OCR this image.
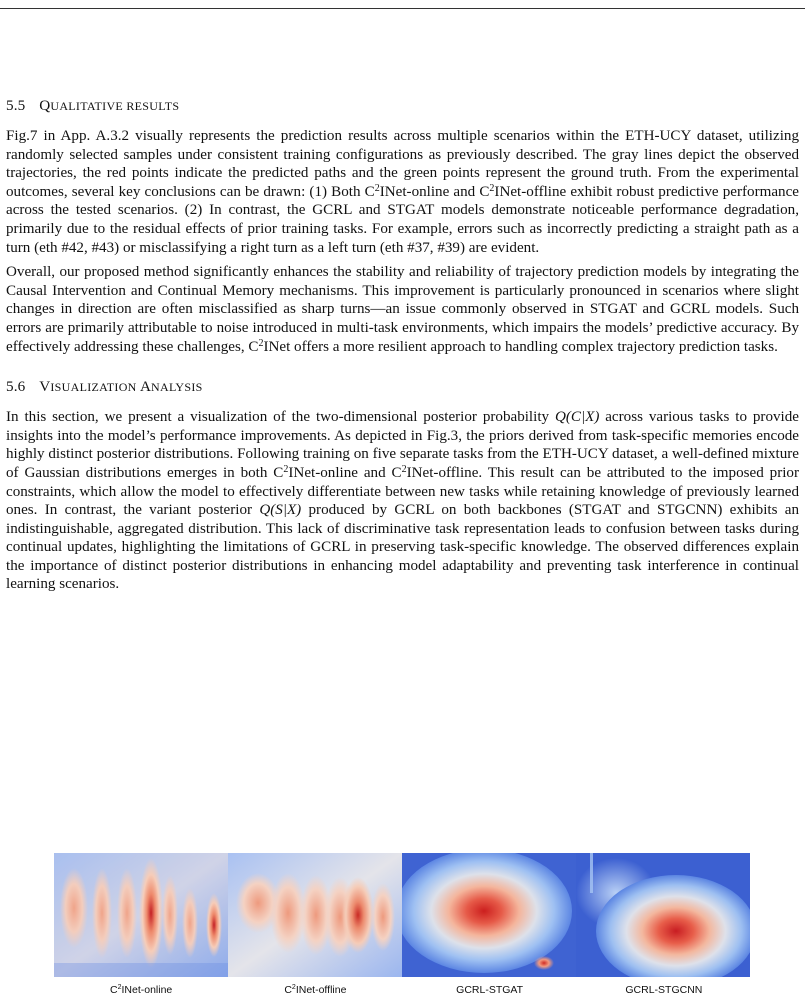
5.5 QUALITATIVE RESULTS

Fig.7 in App. A.3.2 visually represents the prediction results across multiple scenarios within the ETH-UCY dataset, utilizing randomly selected samples under consistent training configurations as previously described. The gray lines depict the observed trajectories, the red points indicate the predicted paths and the green points represent the ground truth. From the experimental outcomes, several key conclusions can be drawn: (1) Both $C^2INet$-online and $C^2INet$-offline exhibit robust predictive performance across the tested scenarios. (2) In contrast, the GCRL and STGAT models demonstrate noticeable performance degradation, primarily due to the residual effects of prior training tasks. For example, errors such as incorrectly predicting a straight path as a turn (eth #42, #43) or misclassifying a right turn as a left turn (eth #37, #39) are evident.

Overall, our proposed method significantly enhances the stability and reliability of trajectory prediction models by integrating the Causal Intervention and Continual Memory mechanisms. This improvement is particularly pronounced in scenarios where slight changes in direction are often misclassified as sharp turns—an issue commonly observed in STGAT and GCRL models. Such errors are primarily attributable to noise introduced in multi-task environments, which impairs the models’ predictive accuracy. By effectively addressing these challenges, $C^2INet$ offers a more resilient approach to handling complex trajectory prediction tasks.

5.6 VISUALIZATION ANALYSIS

In this section, we present a visualization of the two-dimensional posterior probability Q(C|X) across various tasks to provide insights into the model’s performance improvements. As depicted in Fig.3, the priors derived from task-specific memories encode highly distinct posterior distributions. Following training on five separate tasks from the ETH-UCY dataset, a well-defined mixture of Gaussian distributions emerges in both $C^2INet$-online and $C^2INet$-offline. This result can be attributed to the imposed prior constraints, which allow the model to effectively differentiate between new tasks while retaining knowledge of previously learned ones. In contrast, the variant posterior Q(S|X) produced by GCRL on both backbones (STGAT and STGCNN) exhibits an indistinguishable, aggregated distribution. This lack of discriminative task representation leads to confusion between tasks during continual updates, highlighting the limitations of GCRL in preserving task-specific knowledge. The observed differences explain the importance of distinct posterior distributions in enhancing model adaptability and preventing task interference in continual learning scenarios.

$C^2INet$-online	$C^2INet$-offline	GCRL-STGAT	GCRL-STGCNN
